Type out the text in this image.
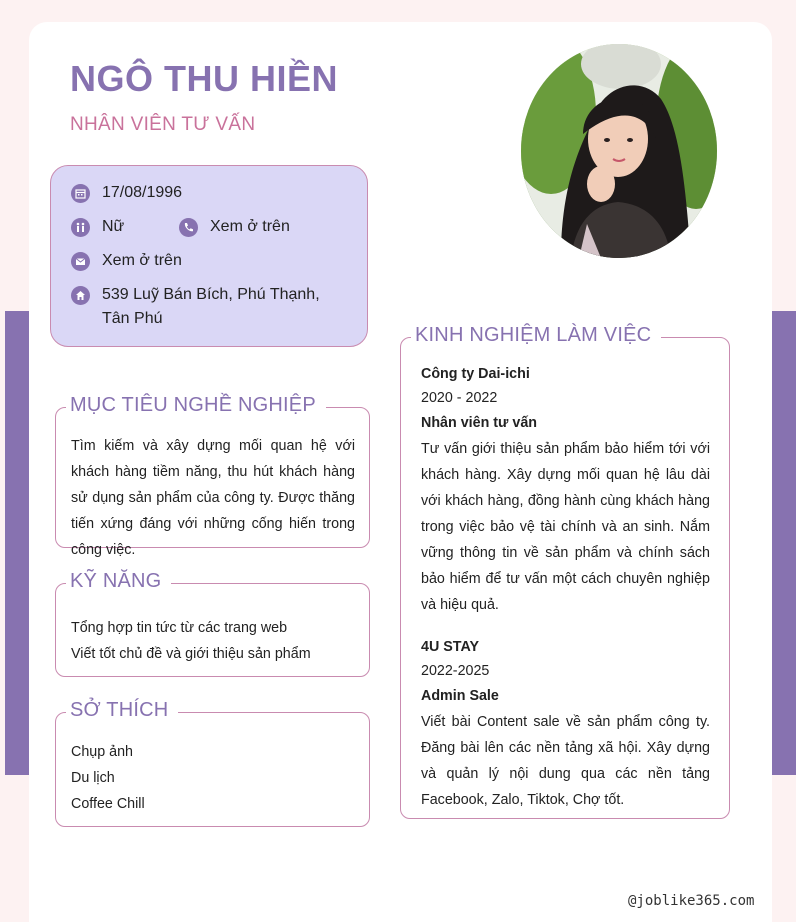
NGÔ THU HIỀN
NHÂN VIÊN TƯ VẤN
17/08/1996
Nữ	Xem ở trên
Xem ở trên
539 Luỹ Bán Bích, Phú Thạnh, Tân Phú
MỤC TIÊU NGHỀ NGHIỆP
Tìm kiếm và xây dựng mối quan hệ với khách hàng tiềm năng, thu hút khách hàng sử dụng sản phẩm của công ty. Được thăng tiến xứng đáng với những cống hiến trong công việc.
KỸ NĂNG
Tổng hợp tin tức từ các trang web
Viết tốt chủ đề và giới thiệu sản phẩm
SỞ THÍCH
Chụp ảnh
Du lịch
Coffee Chill
KINH NGHIỆM LÀM VIỆC
Công ty Dai-ichi
2020 - 2022
Nhân viên tư vấn
Tư vấn giới thiệu sản phẩm bảo hiểm tới với khách hàng. Xây dựng mối quan hệ lâu dài với khách hàng, đồng hành cùng khách hàng trong việc bảo vệ tài chính và an sinh. Nắm vững thông tin về sản phẩm và chính sách bảo hiểm để tư vấn một cách chuyên nghiệp và hiệu quả.
4U STAY
2022-2025
Admin Sale
Viết bài Content sale về sản phẩm công ty. Đăng bài lên các nền tảng xã hội. Xây dựng và quản lý nội dung qua các nền tảng Facebook, Zalo, Tiktok, Chợ tốt.
@joblike365.com
